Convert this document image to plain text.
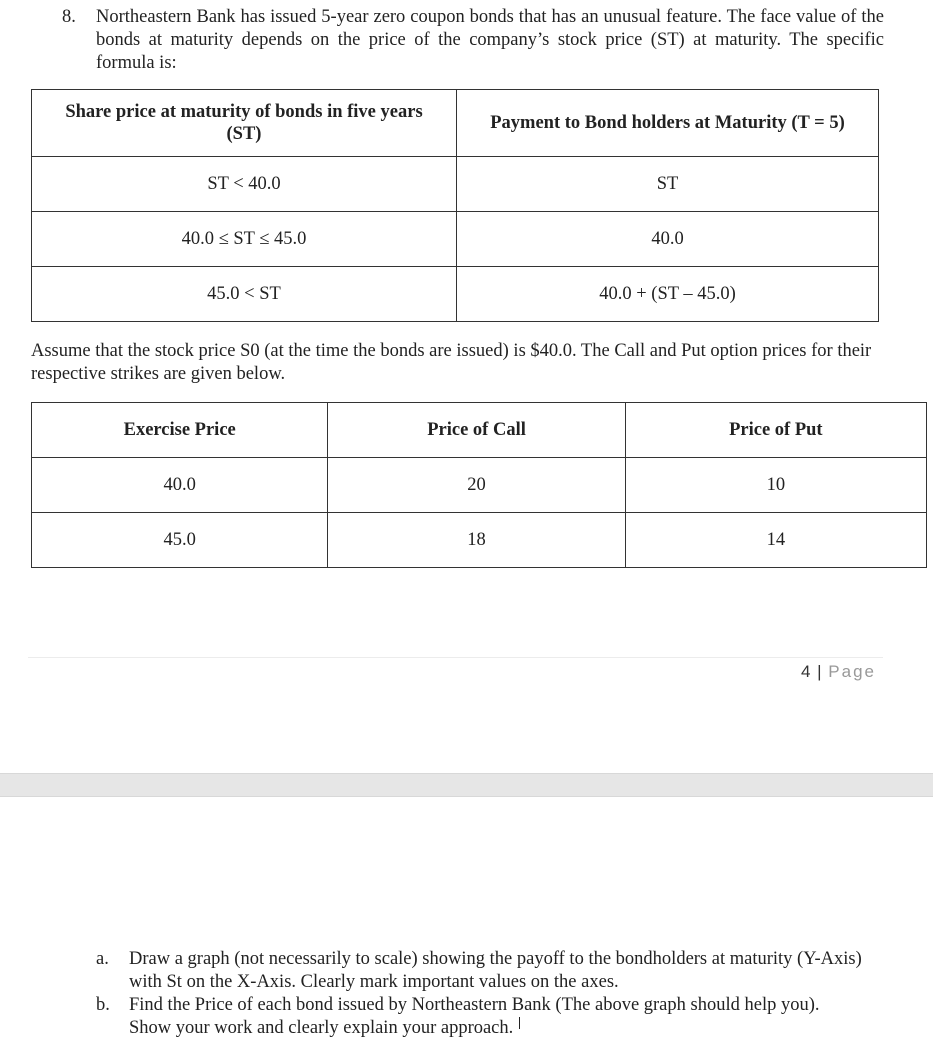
8. Northeastern Bank has issued 5-year zero coupon bonds that has an unusual feature. The face value of the bonds at maturity depends on the price of the company’s stock price (ST) at maturity. The specific formula is:
Share price at maturity of bonds in five years
(ST)	Payment to Bond holders at Maturity (T = 5)
ST < 40.0	ST
40.0 ≤ ST ≤ 45.0	40.0
45.0 < ST	40.0 + (ST – 45.0)
Assume that the stock price S0 (at the time the bonds are issued) is $40.0. The Call and Put option prices for their respective strikes are given below.
Exercise Price	Price of Call	Price of Put
40.0	20	10
45.0	18	14
4 | Page
a. Draw a graph (not necessarily to scale) showing the payoff to the bondholders at maturity (Y-Axis) with St on the X-Axis. Clearly mark important values on the axes.
b. Find the Price of each bond issued by Northeastern Bank (The above graph should help you).
Show your work and clearly explain your approach.
